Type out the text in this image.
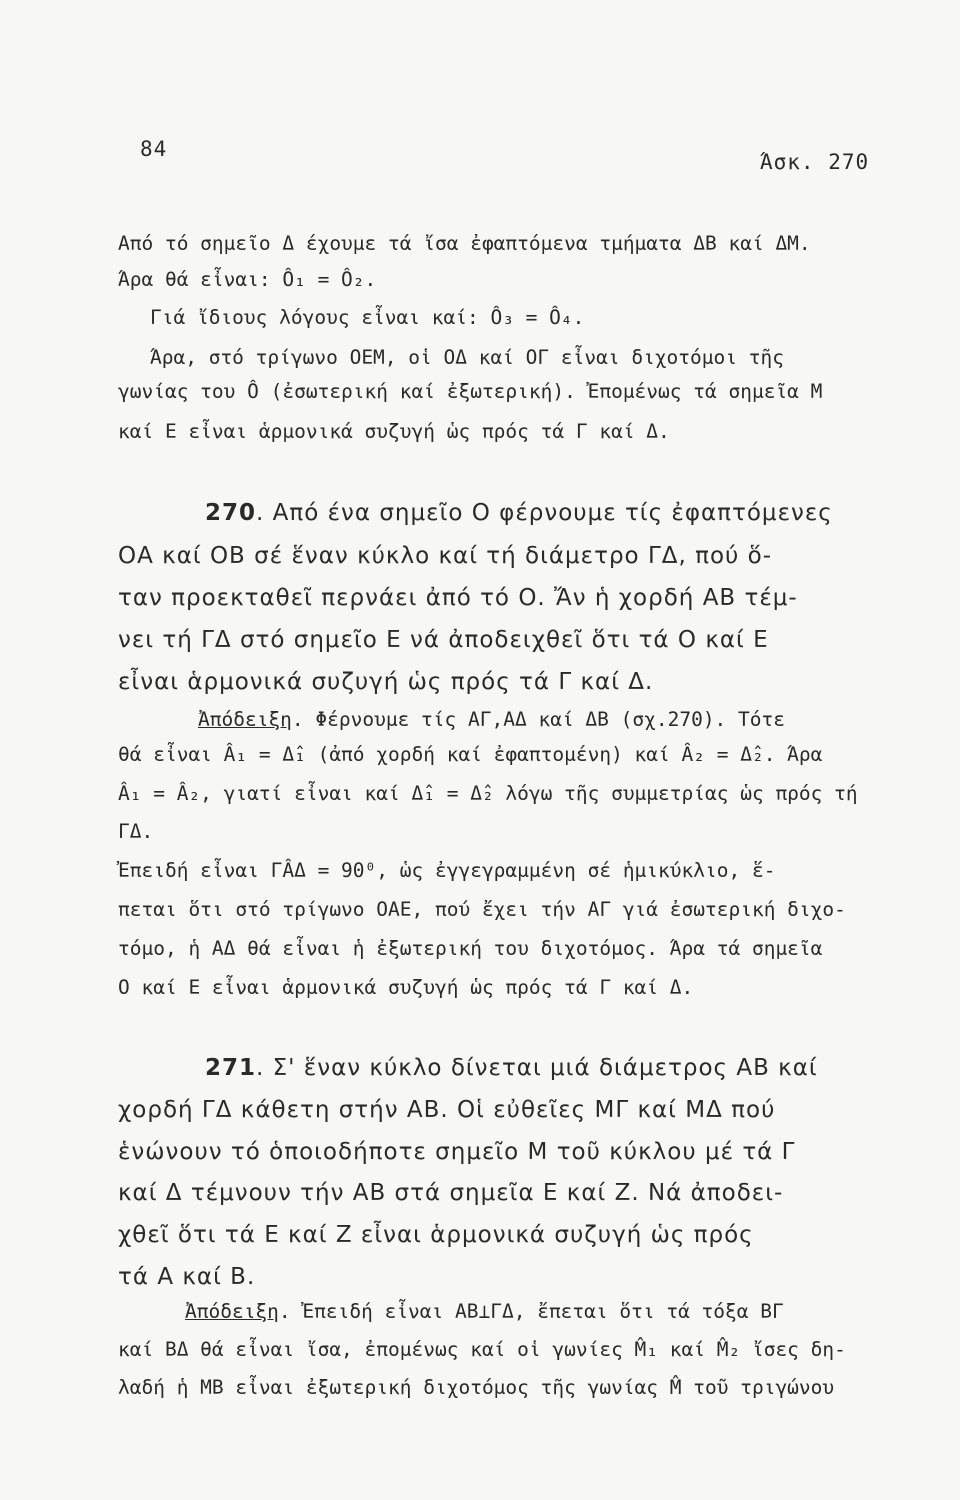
84
Άσκ. 270
Από τό σημεῖο Δ έχουμε τά ἴσα ἐφαπτόμενα τμήματα ΔΒ καί ΔΜ.
Άρα θά εἶναι: Ô₁ = Ô₂.
Γιά ἴδιους λόγους εἶναι καί: Ô₃ = Ô₄.
Άρα, στό τρίγωνο ΟΕΜ, οἱ ΟΔ καί ΟΓ εἶναι διχοτόμοι τῆς
γωνίας του Ô (ἐσωτερική καί ἐξωτερική). Ἐπομένως τά σημεῖα Μ
καί Ε εἶναι ἁρμονικά συζυγή ὡς πρός τά Γ καί Δ.
270. Από ένα σημεῖο Ο φέρνουμε τίς ἐφαπτόμενες
ΟΑ καί ΟΒ σέ ἕναν κύκλο καί τή διάμετρο ΓΔ, πού ὅ-
ταν προεκταθεῖ περνάει ἀπό τό Ο. Ἄν ἡ χορδή ΑΒ τέμ-
νει τή ΓΔ στό σημεῖο Ε νά ἀποδειχθεῖ ὅτι τά Ο καί Ε
εἶναι ἁρμονικά συζυγή ὡς πρός τά Γ καί Δ.
Ἀπόδειξη. Φέρνουμε τίς ΑΓ,ΑΔ καί ΔΒ (σχ.270). Τότε
θά εἶναι Â₁ = Δ̂₁ (ἀπό χορδή καί ἐφαπτομένη) καί Â₂ = Δ̂₂. Άρα
Â₁ = Â₂, γιατί εἶναι καί Δ̂₁ = Δ̂₂ λόγω τῆς συμμετρίας ὡς πρός τή
ΓΔ.
Ἐπειδή εἶναι ΓÂΔ = 90⁰, ὡς ἐγγεγραμμένη σέ ἡμικύκλιο, ἕ-
πεται ὅτι στό τρίγωνο ΟΑΕ, πού ἔχει τήν ΑΓ γιά ἐσωτερική διχο-
τόμο, ἡ ΑΔ θά εἶναι ἡ ἐξωτερική του διχοτόμος. Άρα τά σημεῖα
Ο καί Ε εἶναι ἁρμονικά συζυγή ὡς πρός τά Γ καί Δ.
271. Σ' ἕναν κύκλο δίνεται μιά διάμετρος ΑΒ καί
χορδή ΓΔ κάθετη στήν ΑΒ. Οἱ εὐθεῖες ΜΓ καί ΜΔ πού
ἑνώνουν τό ὁποιοδήποτε σημεῖο Μ τοῦ κύκλου μέ τά Γ
καί Δ τέμνουν τήν ΑΒ στά σημεῖα Ε καί Ζ. Νά ἀποδει-
χθεῖ ὅτι τά Ε καί Ζ εἶναι ἁρμονικά συζυγή ὡς πρός
τά Α καί Β.
Ἀπόδειξη. Ἐπειδή εἶναι ΑΒ⊥ΓΔ, ἔπεται ὅτι τά τόξα ΒΓ
καί ΒΔ θά εἶναι ἴσα, ἐπομένως καί οἱ γωνίες M̂₁ καί M̂₂ ἴσες δη-
λαδή ἡ ΜΒ εἶναι ἐξωτερική διχοτόμος τῆς γωνίας M̂ τοῦ τριγώνου
